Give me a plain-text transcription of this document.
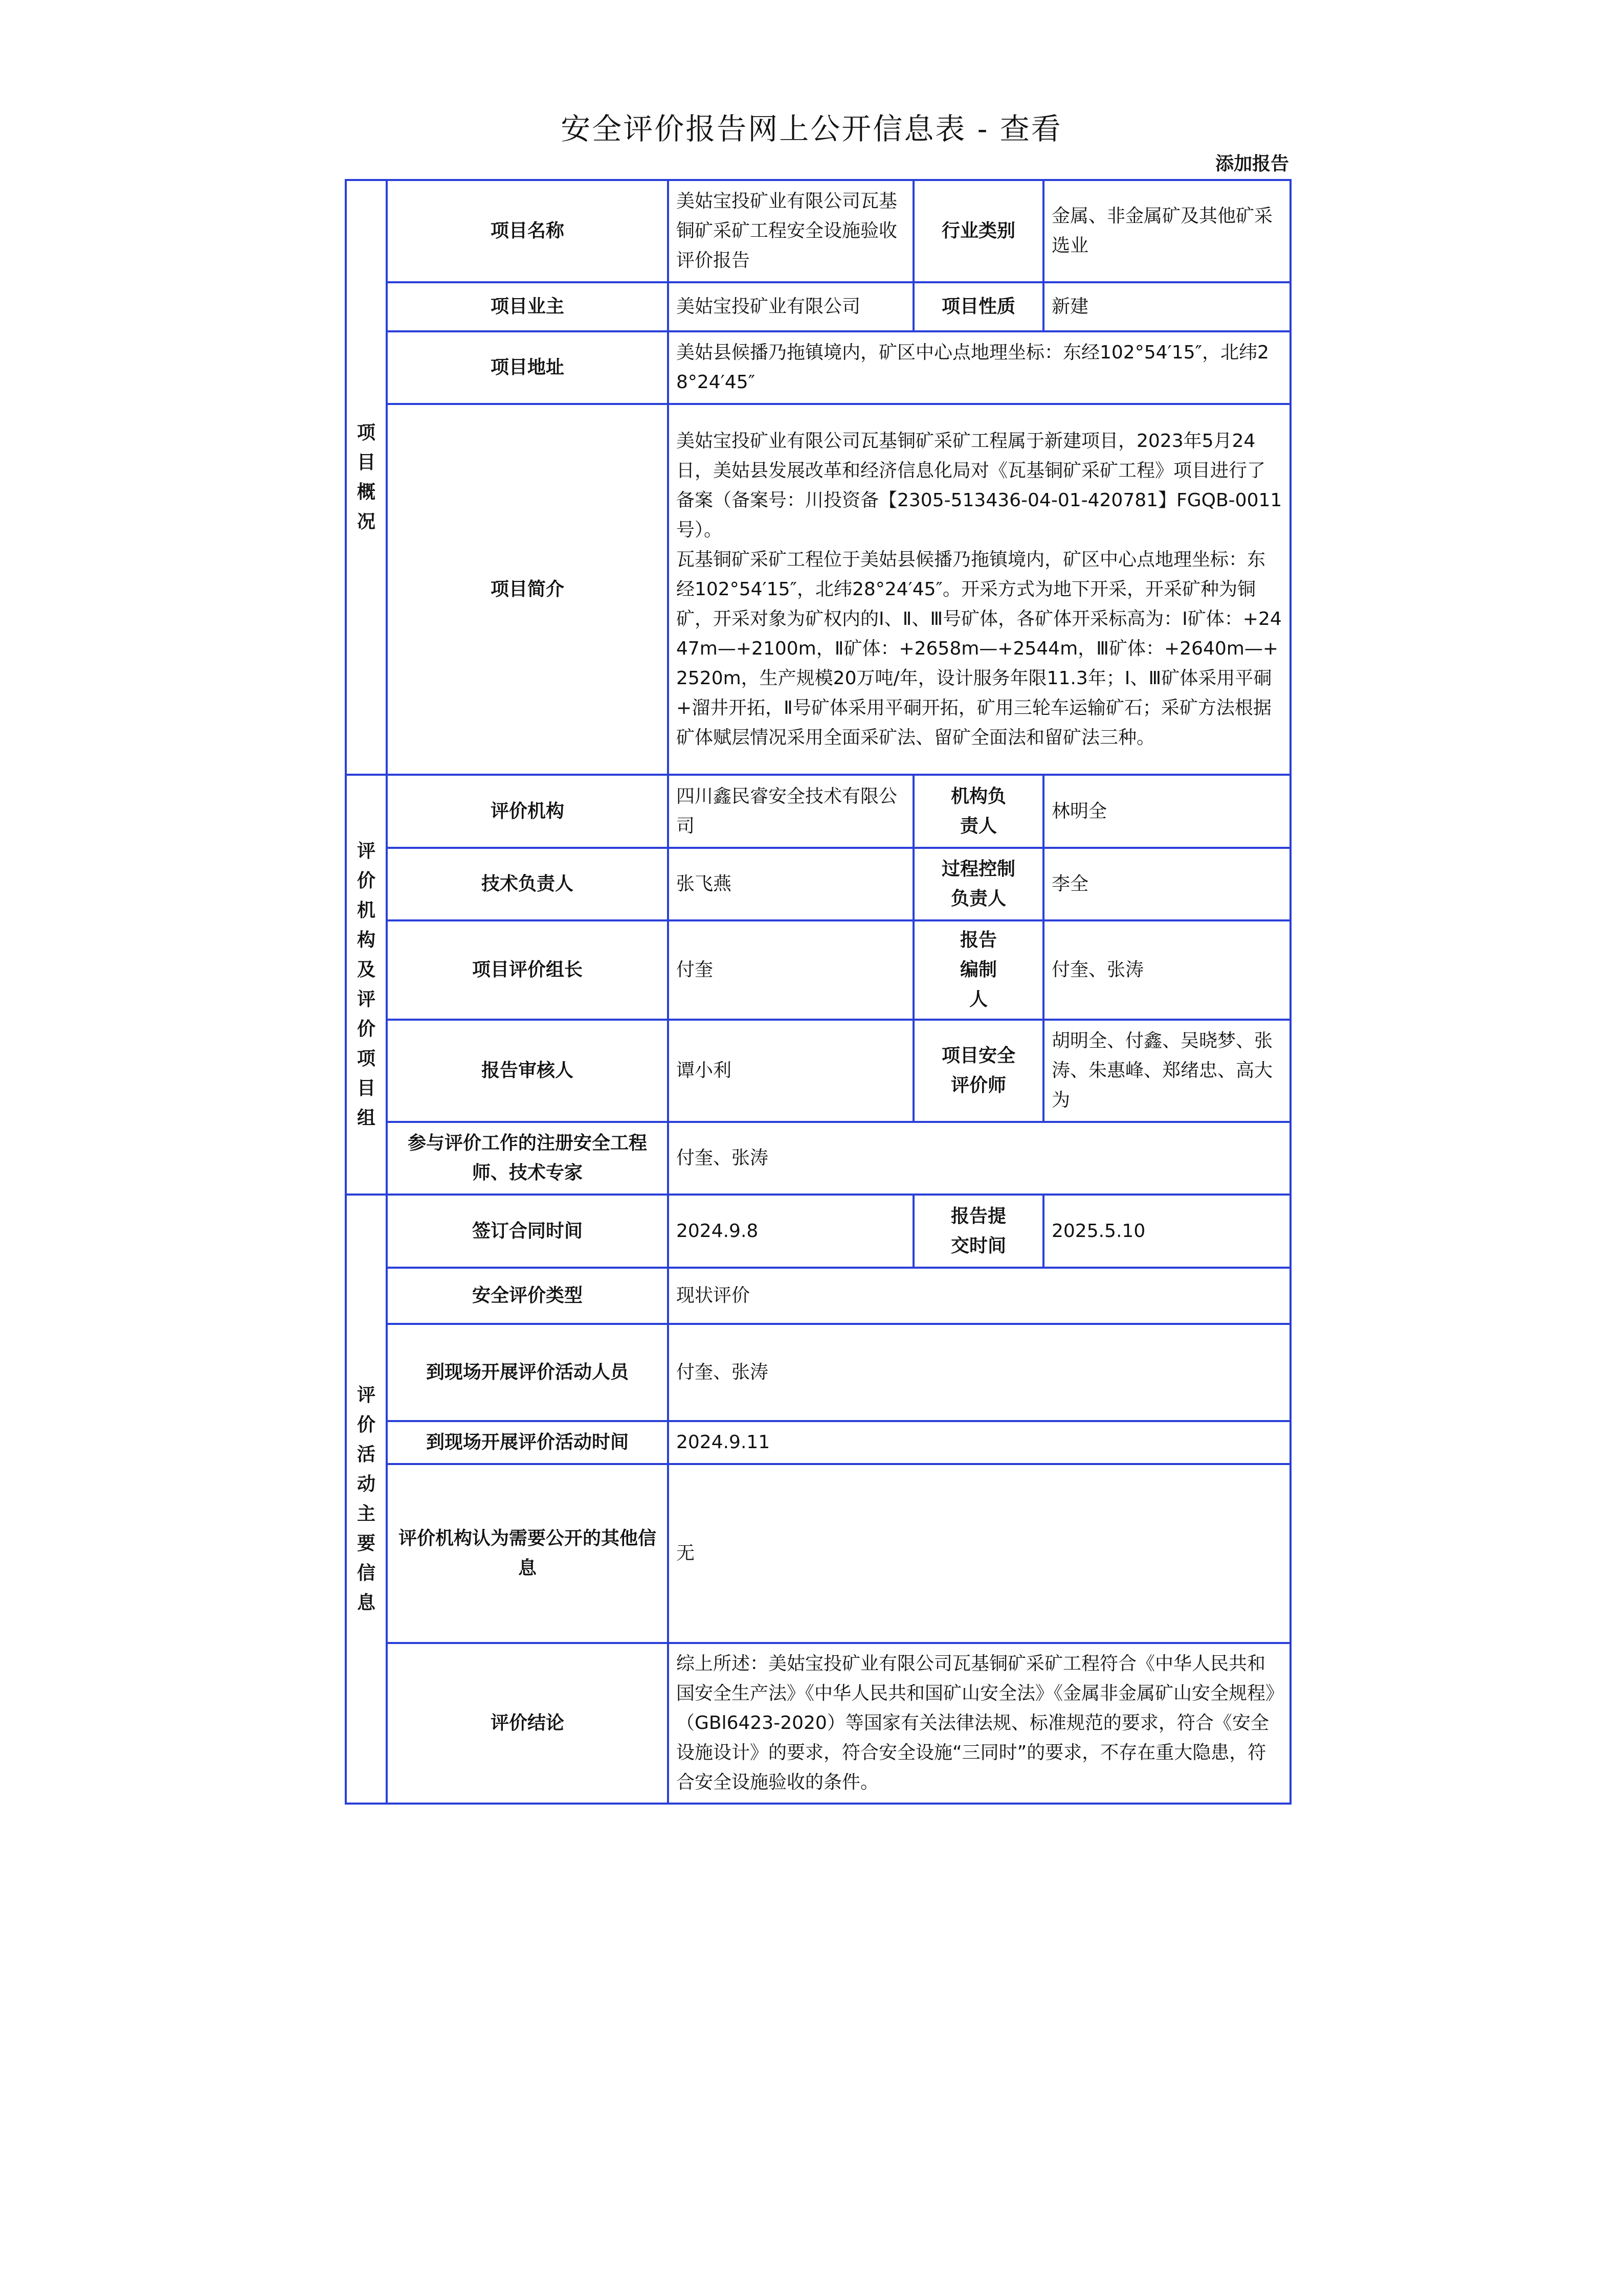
安全评价报告网上公开信息表 - 查看
添加报告
项目概况	项目名称	美姑宝投矿业有限公司瓦基铜矿采矿工程安全设施验收评价报告	行业类别	金属、非金属矿及其他矿采选业
	项目业主	美姑宝投矿业有限公司	项目性质	新建
	项目地址	美姑县候播乃拖镇境内，矿区中心点地理坐标：东经102°54′15″，北纬28°24′45″		
	项目简介	美姑宝投矿业有限公司瓦基铜矿采矿工程属于新建项目，2023年5月24日，美姑县发展改革和经济信息化局对《瓦基铜矿采矿工程》项目进行了备案（备案号：川投资备【2305-513436-04-01-420781】FGQB-0011号）。
瓦基铜矿采矿工程位于美姑县候播乃拖镇境内，矿区中心点地理坐标：东经102°54′15″，北纬28°24′45″。开采方式为地下开采，开采矿种为铜矿，开采对象为矿权内的Ⅰ、Ⅱ、Ⅲ号矿体，各矿体开采标高为：Ⅰ矿体：+2447m—+2100m，Ⅱ矿体：+2658m—+2544m，Ⅲ矿体：+2640m—+2520m，生产规模20万吨/年，设计服务年限11.3年；Ⅰ、Ⅲ矿体采用平硐+溜井开拓，Ⅱ号矿体采用平硐开拓，矿用三轮车运输矿石；采矿方法根据矿体赋层情况采用全面采矿法、留矿全面法和留矿法三种。		

评价机构及评价项目组	评价机构	四川鑫民睿安全技术有限公司	机构负责人	林明全
	技术负责人	张飞燕	过程控制负责人	李全
	项目评价组长	付奎	报告编制人	付奎、张涛
	报告审核人	谭小利	项目安全评价师	胡明全、付鑫、吴晓梦、张涛、朱惠峰、郑绪忠、高大为
	参与评价工作的注册安全工程师、技术专家	付奎、张涛		
评价活动主要信息	签订合同时间	2024.9.8	报告提交时间	2025.5.10
	安全评价类型	现状评价		
	到现场开展评价活动人员	付奎、张涛		
	到现场开展评价活动时间	2024.9.11		
	评价机构认为需要公开的其他信息	无		
	评价结论	综上所述：美姑宝投矿业有限公司瓦基铜矿采矿工程符合《中华人民共和国安全生产法》《中华人民共和国矿山安全法》《金属非金属矿山安全规程》（GBl6423-2020）等国家有关法律法规、标准规范的要求，符合《安全设施设计》的要求，符合安全设施“三同时”的要求，不存在重大隐患，符合安全设施验收的条件。		
